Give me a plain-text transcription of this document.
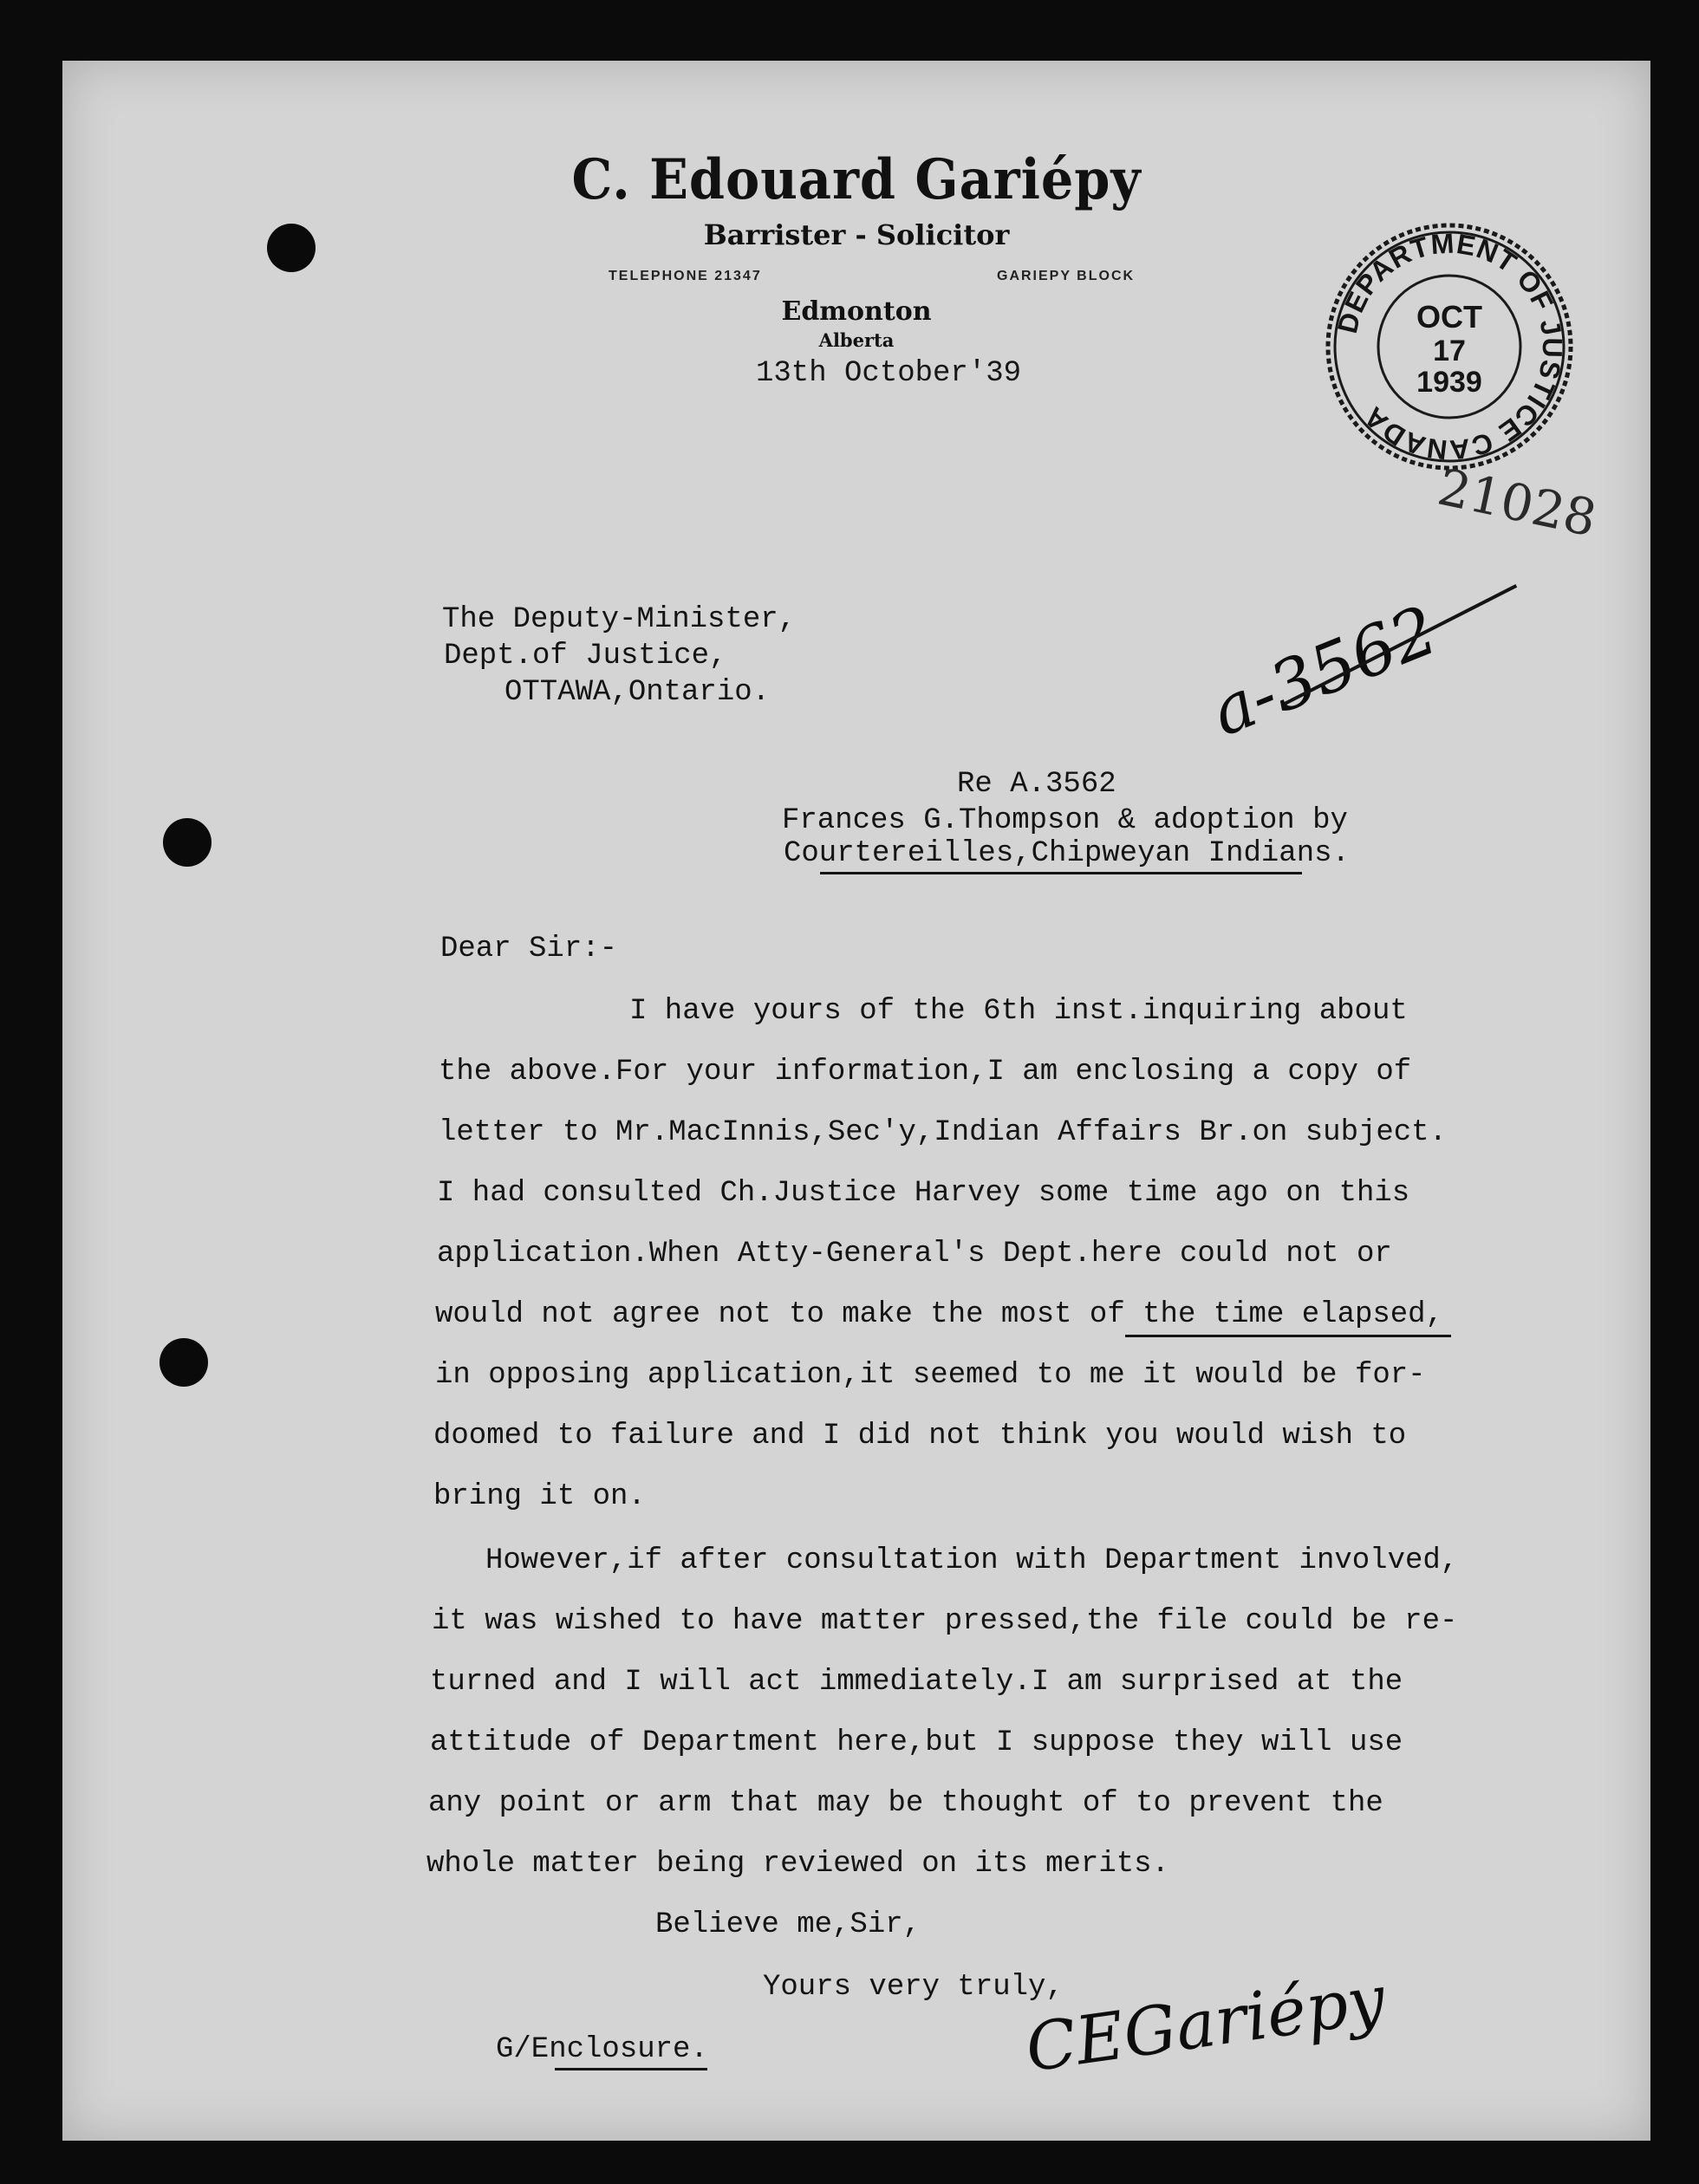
C. Edouard Gariépy
Barrister - Solicitor
TELEPHONE 21347	GARIEPY BLOCK
Edmonton
Alberta
13th October'39
DEPARTMENT OF JUSTICE CANADA
OCT
17
1939
21028
a-3562
The Deputy-Minister,
Dept.of Justice,
OTTAWA,Ontario.
Re A.3562
Frances G.Thompson & adoption by
Courtereilles,Chipweyan Indians.
Dear Sir:-
I have yours of the 6th inst.inquiring about
the above.For your information,I am enclosing a copy of
letter to Mr.MacInnis,Sec'y,Indian Affairs Br.on subject.
I had consulted Ch.Justice Harvey some time ago on this
application.When Atty-General's Dept.here could not or
would not agree not to make the most of the time elapsed,
in opposing application,it seemed to me it would be for-
doomed to failure and I did not think you would wish to
bring it on.
However,if after consultation with Department involved,
it was wished to have matter pressed,the file could be re-
turned and I will act immediately.I am surprised at the
attitude of Department here,but I suppose they will use
any point or arm that may be thought of to prevent the
whole matter being reviewed on its merits.
Believe me,Sir,
Yours very truly,
CEGariépy
G/Enclosure.
